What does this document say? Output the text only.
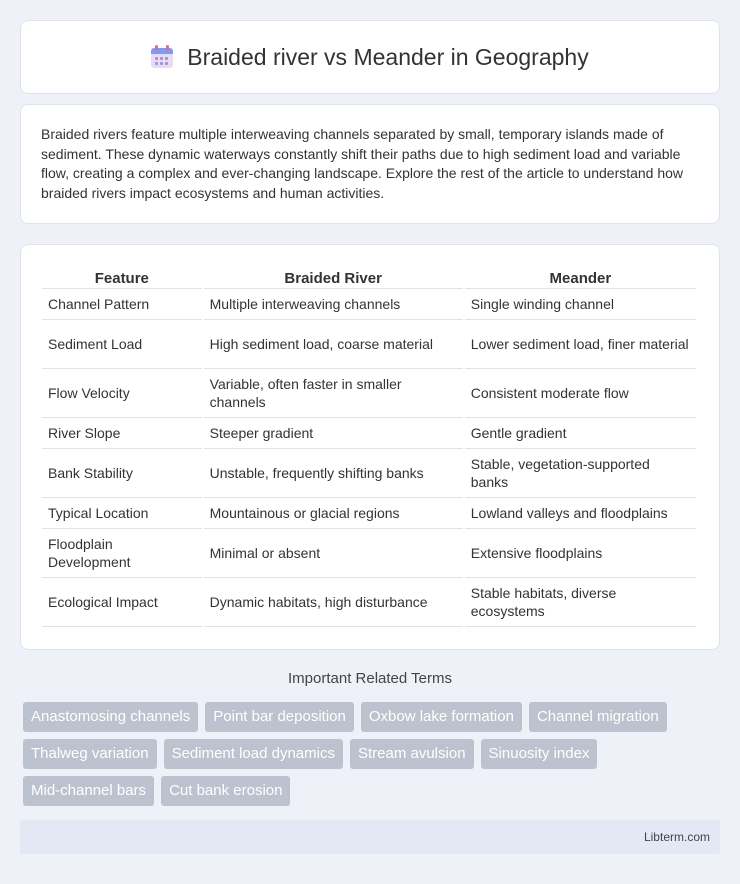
Braided river vs Meander in Geography

Braided rivers feature multiple interweaving channels separated by small, temporary islands made of sediment. These dynamic waterways constantly shift their paths due to high sediment load and variable flow, creating a complex and ever-changing landscape. Explore the rest of the article to understand how braided rivers impact ecosystems and human activities.

Feature	Braided River	Meander
Channel Pattern	Multiple interweaving channels	Single winding channel
Sediment Load	High sediment load, coarse material	Lower sediment load, finer material
Flow Velocity	Variable, often faster in smaller channels	Consistent moderate flow
River Slope	Steeper gradient	Gentle gradient
Bank Stability	Unstable, frequently shifting banks	Stable, vegetation-supported banks
Typical Location	Mountainous or glacial regions	Lowland valleys and floodplains
Floodplain Development	Minimal or absent	Extensive floodplains
Ecological Impact	Dynamic habitats, high disturbance	Stable habitats, diverse ecosystems
Important Related Terms
Anastomosing channels	Point bar deposition	Oxbow lake formation	Channel migration
Thalweg variation	Sediment load dynamics	Stream avulsion	Sinuosity index
Mid-channel bars	Cut bank erosion
Libterm.com
